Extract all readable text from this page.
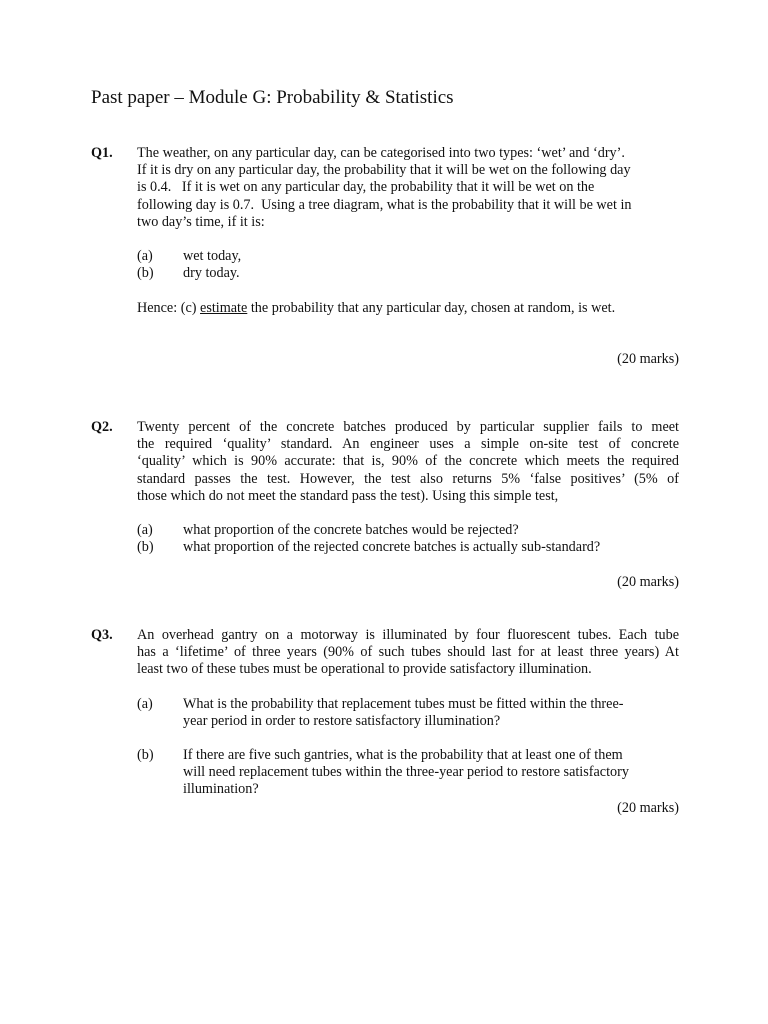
Past paper – Module G: Probability & Statistics
Q1. The weather, on any particular day, can be categorised into two types: ‘wet’ and ‘dry’.
If it is dry on any particular day, the probability that it will be wet on the following day
is 0.4.   If it is wet on any particular day, the probability that it will be wet on the
following day is 0.7.  Using a tree diagram, what is the probability that it will be wet in
two day’s time, if it is:

(a) wet today,
(b) dry today.

Hence: (c) estimate the probability that any particular day, chosen at random, is wet.

(20 marks)
Q2. Twenty percent of the concrete batches produced by particular supplier fails to meet
the required ‘quality’ standard. An engineer uses a simple on-site test of concrete
‘quality’ which is 90% accurate: that is, 90% of the concrete which meets the required
standard passes the test. However, the test also returns 5% ‘false positives’ (5% of
those which do not meet the standard pass the test). Using this simple test,

(a) what proportion of the concrete batches would be rejected?
(b) what proportion of the rejected concrete batches is actually sub-standard?
(20 marks)
Q3. An overhead gantry on a motorway is illuminated by four fluorescent tubes. Each tube
has a ‘lifetime’ of three years (90% of such tubes should last for at least three years) At
least two of these tubes must be operational to provide satisfactory illumination.

(a) What is the probability that replacement tubes must be fitted within the three-
year period in order to restore satisfactory illumination?
(b) If there are five such gantries, what is the probability that at least one of them
will need replacement tubes within the three-year period to restore satisfactory
illumination?
(20 marks)
